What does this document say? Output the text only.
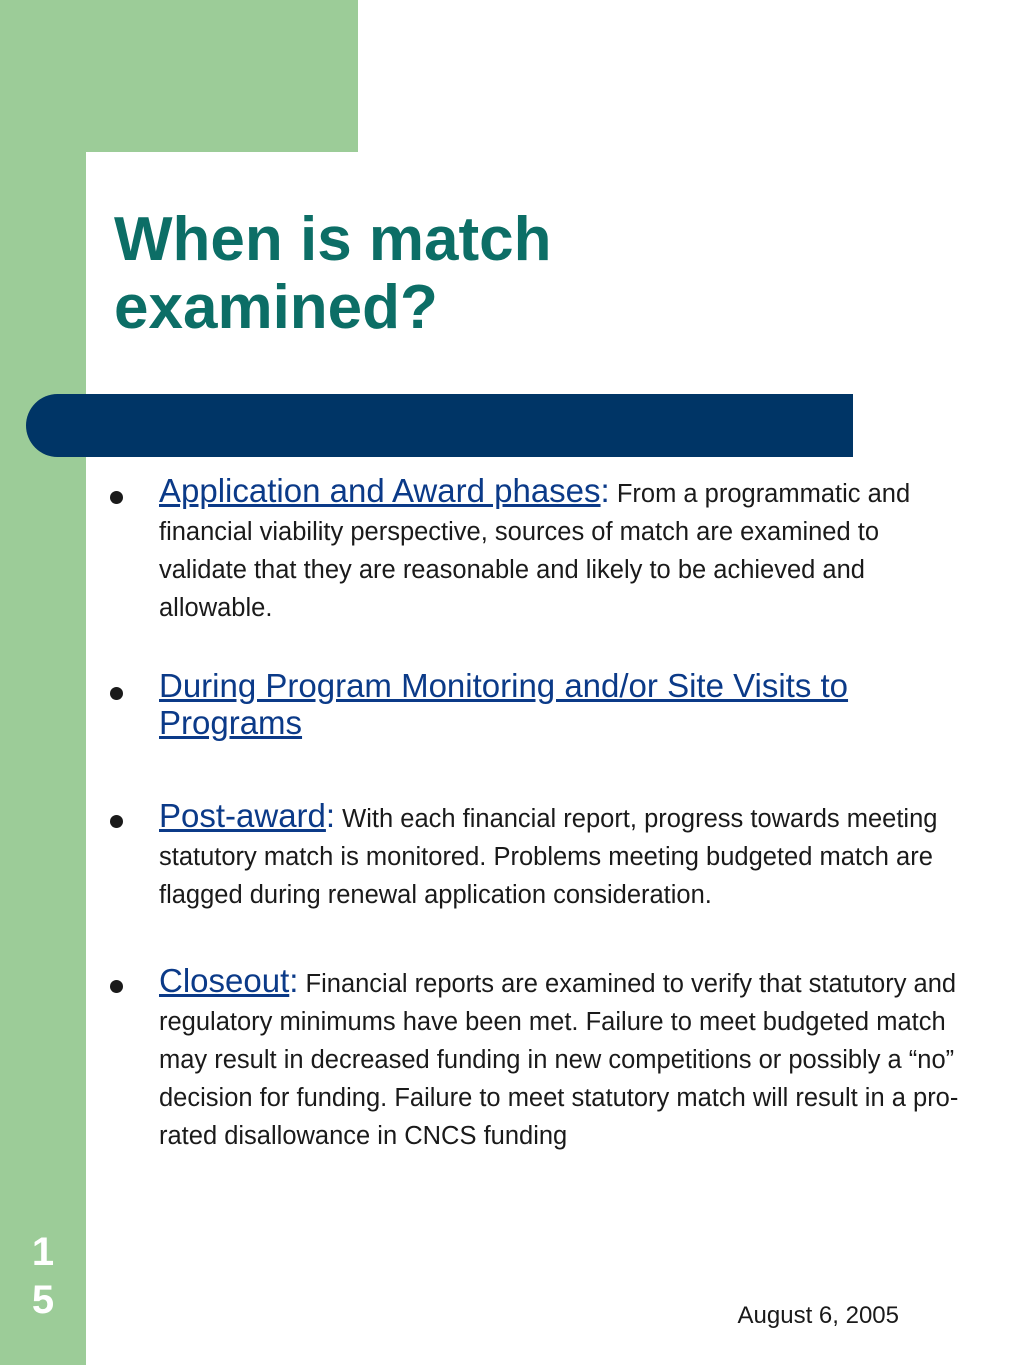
When is match
examined?
Application and Award phases: From a programmatic and financial viability perspective, sources of match are examined to validate that they are reasonable and likely to be achieved and allowable.
During Program Monitoring and/or Site Visits to Programs
Post-award: With each financial report, progress towards meeting statutory match is monitored. Problems meeting budgeted match are flagged during renewal application consideration.
Closeout: Financial reports are examined to verify that statutory and regulatory minimums have been met. Failure to meet budgeted match may result in decreased funding in new competitions or possibly a “no” decision for funding. Failure to meet statutory match will result in a pro-rated disallowance in CNCS funding
1
5	August 6, 2005
